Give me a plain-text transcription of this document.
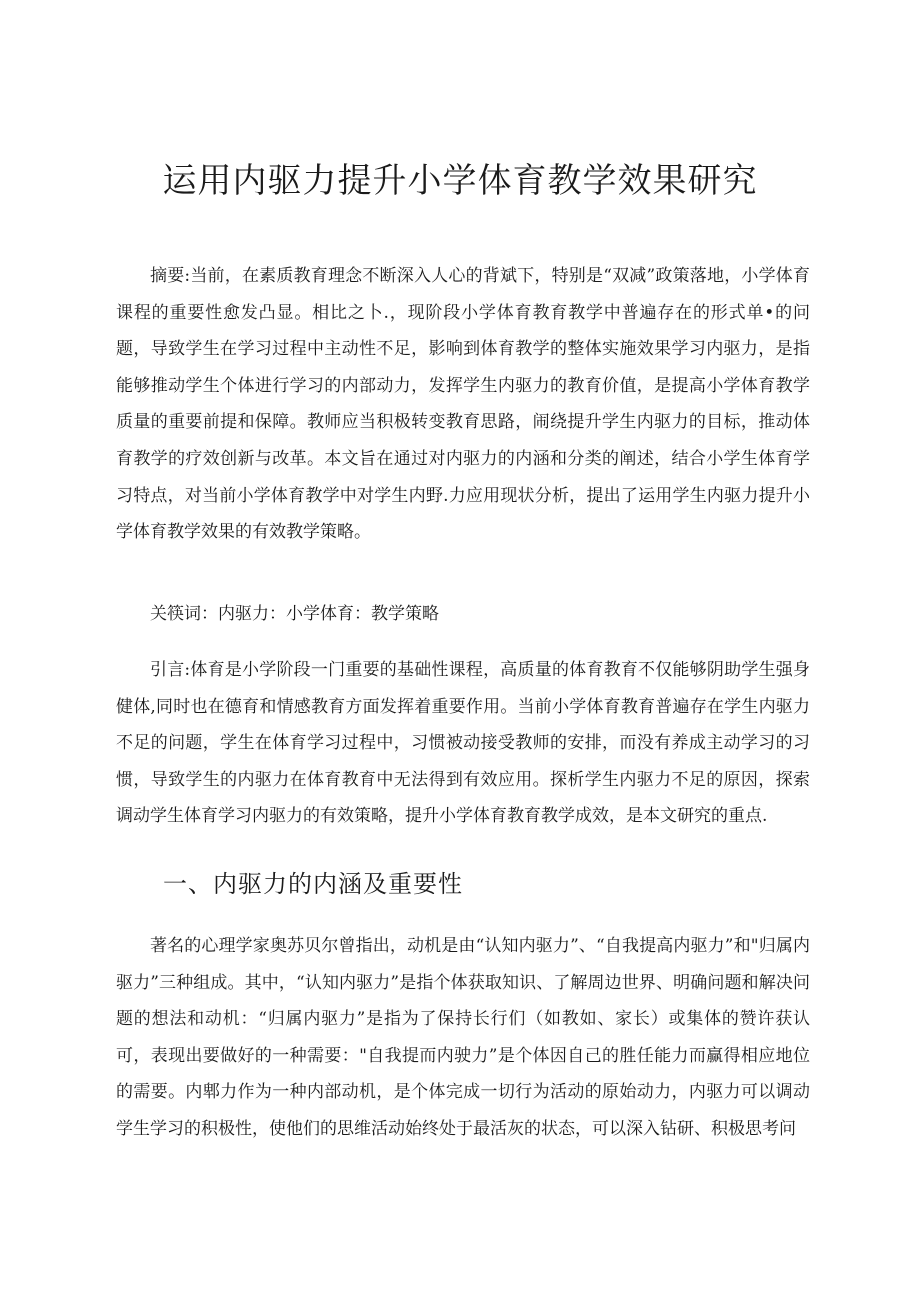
运用内驱力提升小学体育教学效果研究

摘要:当前，在素质教育理念不断深入人心的背斌下，特别是“双减”政策落地，小学体育课程的重要性愈发凸显。相比之卜.，现阶段小学体育教育教学中普遍存在的形式单•的问题，导致学生在学习过程中主动性不足，影响到体育教学的整体实施效果学习内驱力，是指能够推动学生个体进行学习的内部动力，发挥学生内驱力的教育价值，是提高小学体育教学质量的重要前提和保障。教师应当积极转变教育思路，闹绕提升学生内驱力的目标，推动体育教学的疗效创新与改革。本文旨在通过对内驱力的内涵和分类的阐述，结合小学生体育学习特点，对当前小学体育教学中对学生内野.力应用现状分析，提出了运用学生内驱力提升小学体育教学效果的有效教学策略。

关筷词：内驱力：小学体育：教学策略

引言:体育是小学阶段一门重要的基础性课程，高质量的体育教育不仅能够阴助学生强身健体,同时也在德育和情感教育方面发挥着重要作用。当前小学体育教育普遍存在学生内驱力不足的问题，学生在体育学习过程中，习惯被动接受教师的安排，而没有养成主动学习的习惯，导致学生的内驱力在体育教育中无法得到有效应用。探析学生内驱力不足的原因，探索调动学生体育学习内驱力的有效策略，提升小学体育教育教学成效，是本文研究的重点.

一、内驱力的内涵及重要性

著名的心理学家奥苏贝尔曾指出，动机是由“认知内驱力”、“自我提高内驱力”和"归属内驱力”三种组成。其中，“认知内驱力”是指个体获取知识、了解周边世界、明确问题和解决问题的想法和动机：“归属内驱力”是指为了保持长行们（如教如、家长）或集体的赞许获认可，表现出要做好的一种需要："自我提而内驶力”是个体因自己的胜任能力而赢得相应地位的需要。内郫力作为一种内部动机，是个体完成一切行为活动的原始动力，内驱力可以调动学生学习的积极性，使他们的思维活动始终处于最活灰的状态，可以深入钻研、积极思考问
